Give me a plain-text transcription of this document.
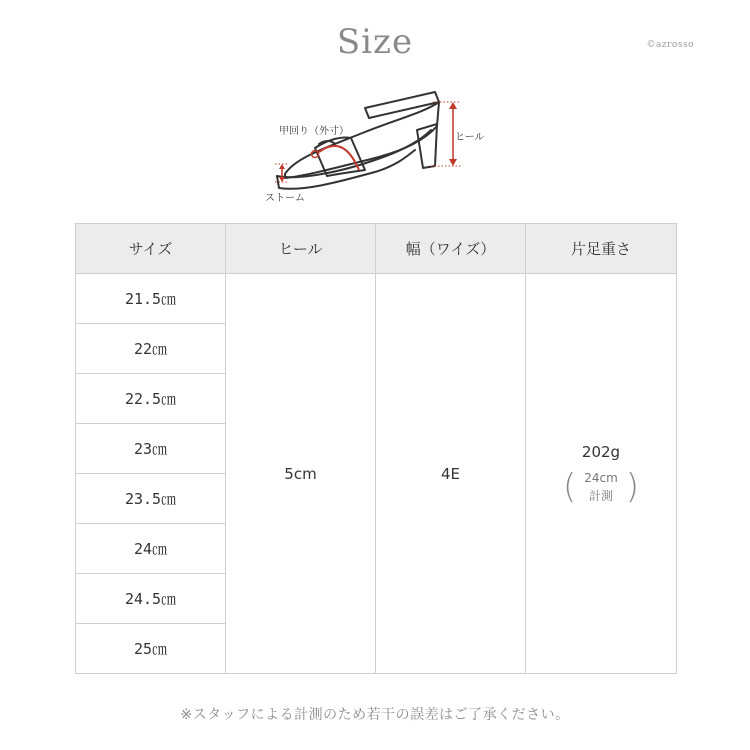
Size	©azrosso
甲回り（外寸）
ヒール
ストーム
サイズ	ヒール	幅（ワイズ）	片足重さ
21.5㎝	5cm	4E	202g
( 24cm
計測 )

22㎝			
22.5㎝			
23㎝			
23.5㎝			
24㎝			
24.5㎝			
25㎝			
※スタッフによる計測のため若干の誤差はご了承ください。
